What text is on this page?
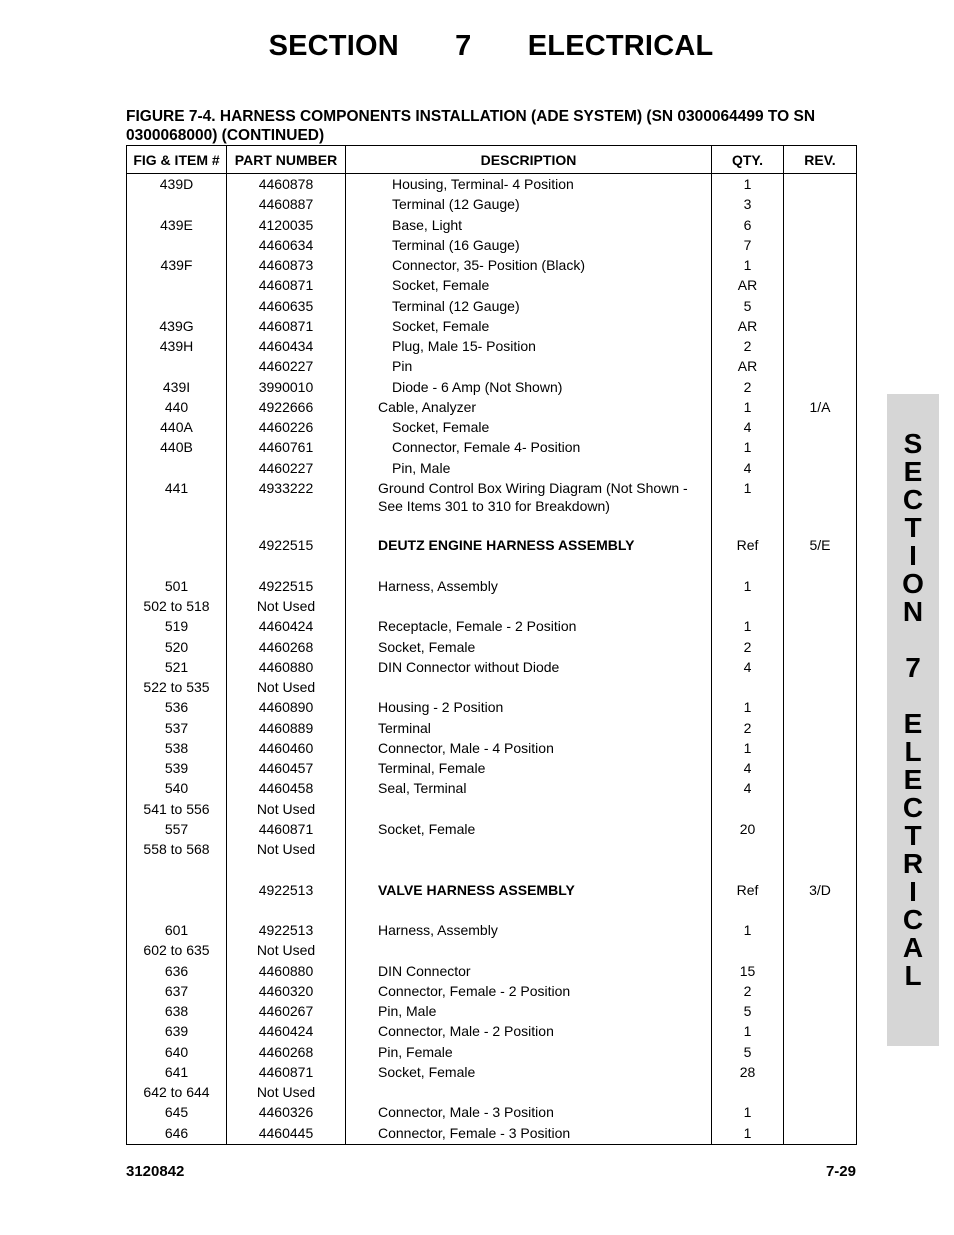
SECTION 7 ELECTRICAL
FIGURE 7-4. HARNESS COMPONENTS INSTALLATION (ADE SYSTEM) (SN 0300064499 TO SN 0300068000) (CONTINUED)
FIG & ITEM #	PART NUMBER	DESCRIPTION	QTY.	REV.
439D	4460878	Housing, Terminal- 4 Position	1	
	4460887	Terminal (12 Gauge)	3	
439E	4120035	Base, Light	6	
	4460634	Terminal (16 Gauge)	7	
439F	4460873	Connector, 35- Position (Black)	1	
	4460871	Socket, Female	AR	
	4460635	Terminal (12 Gauge)	5	
439G	4460871	Socket, Female	AR	
439H	4460434	Plug, Male 15- Position	2	
	4460227	Pin	AR	
439I	3990010	Diode - 6 Amp (Not Shown)	2	
440	4922666	Cable, Analyzer	1	1/A
440A	4460226	Socket, Female	4	
440B	4460761	Connector, Female 4- Position	1	
	4460227	Pin, Male	4	
441	4933222	Ground Control Box Wiring Diagram (Not Shown -	1	
		See Items 301 to 310 for Breakdown)		

	4922515	DEUTZ ENGINE HARNESS ASSEMBLY	Ref	5/E

501	4922515	Harness, Assembly	1	
502 to 518	Not Used			
519	4460424	Receptacle, Female - 2 Position	1	
520	4460268	Socket, Female	2	
521	4460880	DIN Connector without Diode	4	
522 to 535	Not Used			
536	4460890	Housing - 2 Position	1	
537	4460889	Terminal	2	
538	4460460	Connector, Male - 4 Position	1	
539	4460457	Terminal, Female	4	
540	4460458	Seal, Terminal	4	
541 to 556	Not Used			
557	4460871	Socket, Female	20	
558 to 568	Not Used			

	4922513	VALVE HARNESS ASSEMBLY	Ref	3/D

601	4922513	Harness, Assembly	1	
602 to 635	Not Used			
636	4460880	DIN Connector	15	
637	4460320	Connector, Female - 2 Position	2	
638	4460267	Pin, Male	5	
639	4460424	Connector, Male - 2 Position	1	
640	4460268	Pin, Female	5	
641	4460871	Socket, Female	28	
642 to 644	Not Used			
645	4460326	Connector, Male - 3 Position	1	
646	4460445	Connector, Female - 3 Position	1	
S
E
C
T
I
O
N
7
E
L
E
C
T
R
I
C
A
L
3120842	7-29
